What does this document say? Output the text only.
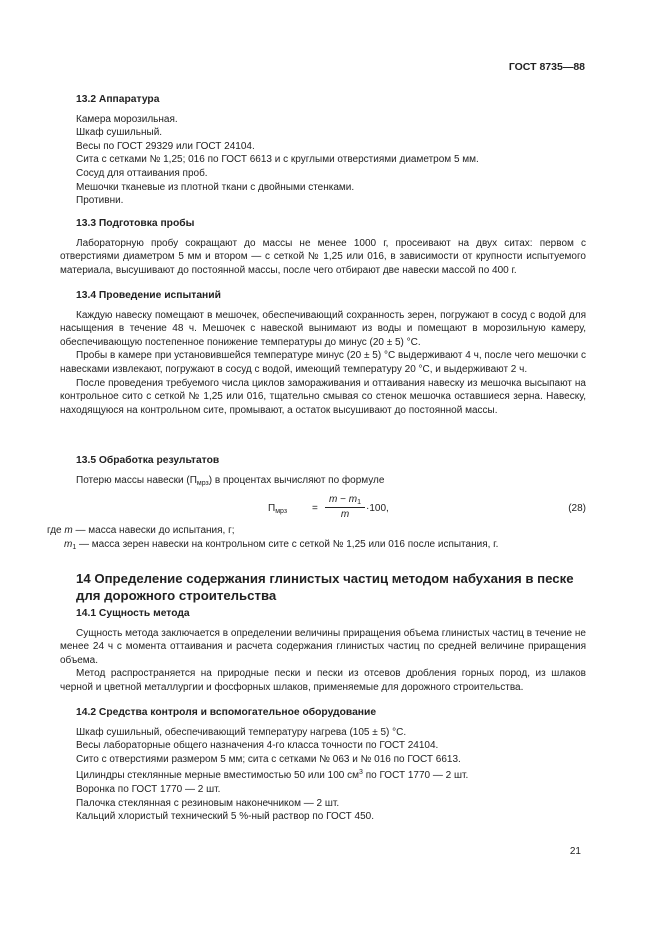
ГОСТ 8735—88

13.2 Аппаратура

Камера морозильная.

Шкаф сушильный.

Весы по ГОСТ 29329 или ГОСТ 24104.

Сита с сетками № 1,25; 016 по ГОСТ 6613 и с круглыми отверстиями диаметром 5 мм.

Сосуд для оттаивания проб.

Мешочки тканевые из плотной ткани с двойными стенками.

Противни.

13.3 Подготовка пробы

Лабораторную пробу сокращают до массы не менее 1000 г, просеивают на двух ситах: первом с отверстиями диаметром 5 мм и втором — с сеткой № 1,25 или 016, в зависимости от крупности испытуемого материала, высушивают до постоянной массы, после чего отбирают две навески массой по 400 г.

13.4 Проведение испытаний

Каждую навеску помещают в мешочек, обеспечивающий сохранность зерен, погружают в сосуд с водой для насыщения в течение 48 ч. Мешочек с навеской вынимают из воды и помещают в морозильную камеру, обеспечивающую постепенное понижение температуры до минус (20 ± 5) °С.

Пробы в камере при установившейся температуре минус (20 ± 5) °С выдерживают 4 ч, после чего мешочки с навесками извлекают, погружают в сосуд с водой, имеющий температуру 20 °С, и выдерживают 2 ч.

После проведения требуемого числа циклов замораживания и оттаивания навеску из мешочка высыпают на контрольное сито с сеткой № 1,25 или 016, тщательно смывая со стенок мешочка оставшиеся зерна. Навеску, находящуюся на контрольном сите, промывают, а остаток высушивают до постоянной массы.

13.5 Обработка результатов

Потерю массы навески $(П_{мрз})$ в процентах вычисляют по формуле

$П_{мрз} = \frac{m - m_1}{m} \cdot 100$,	(28)
где m — масса навески до испытания, г;
$m_1$ — масса зерен навески на контрольном сите с сеткой № 1,25 или 016 после испытания, г.

14 Определение содержания глинистых частиц методом набухания в песке для дорожного строительства

14.1 Сущность метода

Сущность метода заключается в определении величины приращения объема глинистых частиц в течение не менее 24 ч с момента оттаивания и расчета содержания глинистых частиц по средней величине приращения объема.

Метод распространяется на природные пески и пески из отсевов дробления горных пород, из шлаков черной и цветной металлургии и фосфорных шлаков, применяемые для дорожного строительства.

14.2 Средства контроля и вспомогательное оборудование

Шкаф сушильный, обеспечивающий температуру нагрева (105 ± 5) °С.

Весы лабораторные общего назначения 4-го класса точности по ГОСТ 24104.

Сито с отверстиями размером 5 мм; сита с сетками № 063 и № 016 по ГОСТ 6613.

Цилиндры стеклянные мерные вместимостью 50 или 100 $см^3$ по ГОСТ 1770 — 2 шт.

Воронка по ГОСТ 1770 — 2 шт.

Палочка стеклянная с резиновым наконечником — 2 шт.

Кальций хлористый технический 5 %-ный раствор по ГОСТ 450.

21
